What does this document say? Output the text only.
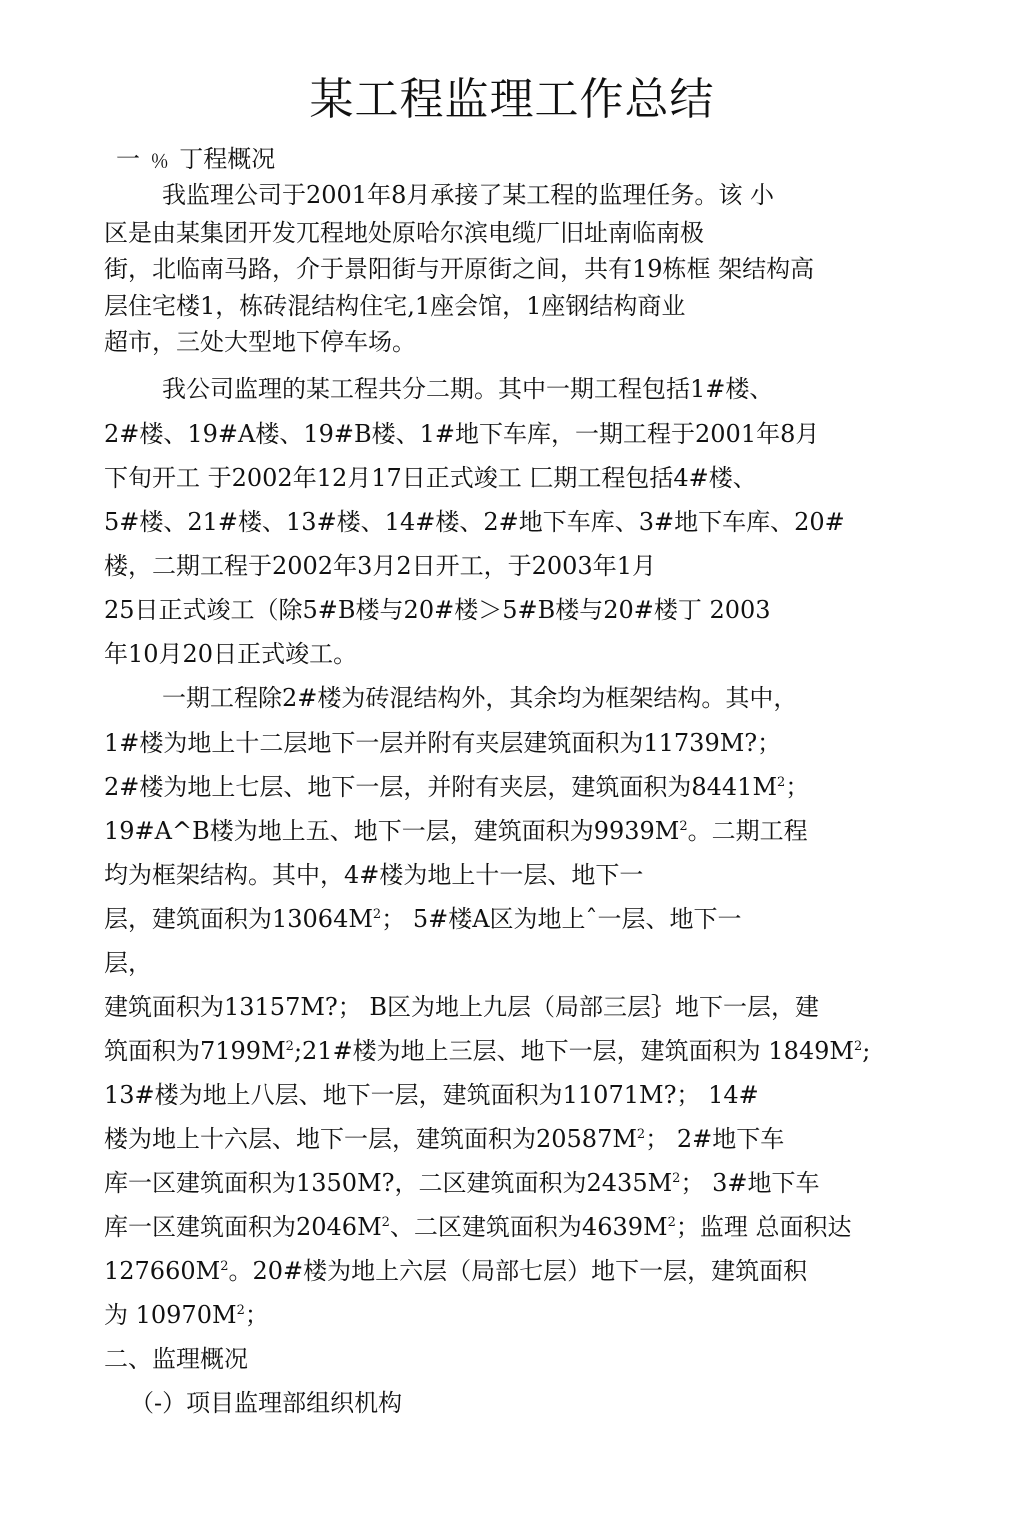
某工程监理工作总结
一 ﹪ 丁程概况
我监理公司于2001年8月承接了某工程的监理任务。该 小
区是由某集团开发兀程地处原哈尔滨电缆厂旧址南临南极
街，北临南马路，介于景阳街与开原街之间，共有19栋框 架结构高
层住宅楼1，栋砖混结构住宅,1座会馆，1座钢结构商业
超市，三处大型地下停车场。
我公司监理的某工程共分二期。其中一期工程包括1#楼、
2#楼、19#A楼、19#B楼、1#地下车库，一期工程于2001年8月
下旬开工 于2002年12月17日正式竣工 匚期工程包括4#楼、
5#楼、21#楼、13#楼、14#楼、2#地下车库、3#地下车库、20#
楼，二期工程于2002年3月2日开工，于2003年1月
25日正式竣工（除5#B楼与20#楼＞5#B楼与20#楼丁 2003
年10月20日正式竣工。
一期工程除2#楼为砖混结构外，其余均为框架结构。其中，
1#楼为地上十二层地下一层并附有夹层建筑面积为11739M?；
2#楼为地上七层、地下一层，并附有夹层，建筑面积为$8441M^2$；
19#A^B楼为地上五、地下一层，建筑面积为$9939M^2$。二期工程
均为框架结构。其中，4#楼为地上十一层、地下一
层，建筑面积为$13064M^2$； 5#楼A区为地上ˆ一层、地下一
层，
建筑面积为13157M?； B区为地上九层（局部三层｝地下一层，建
筑面积为$7199M^2;21\#$楼为地上三层、地下一层，建筑面积为 $1849M^2$;
13#楼为地上八层、地下一层，建筑面积为11071M?； 14#
楼为地上十六层、地下一层，建筑面积为$20587M^2$； 2#地下车
库一区建筑面积为1350M?，二区建筑面积为$2435M^2$； 3#地下车
库一区建筑面积为$2046M^2$、二区建筑面积为$4639M^2$；监理 总面积达
$127660M^2$。20#楼为地上六层（局部七层）地下一层，建筑面积
为 $10970M^2$；
二、监理概况
（-）项目监理部组织机构
